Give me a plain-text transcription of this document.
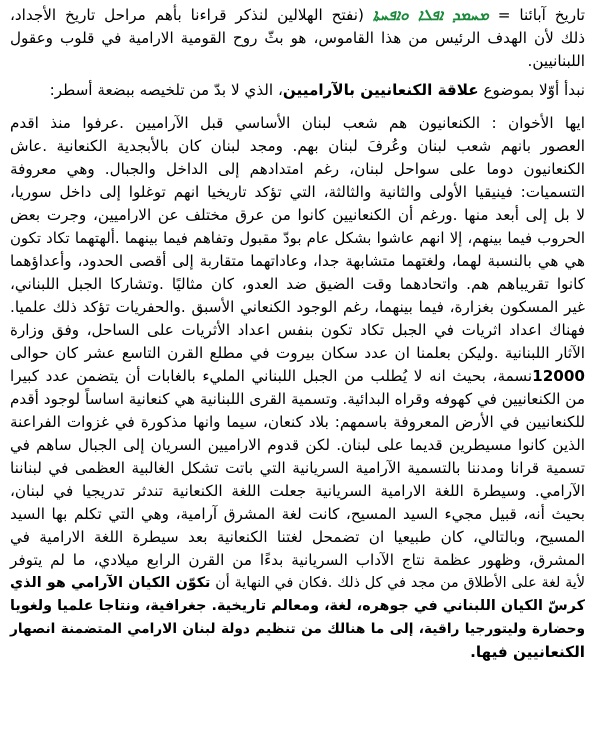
تاريخ آبائنا = ܡܚܡܕ ܐܦܠܐ ܘܐܦܚܬܐ (نفتح الهلالين لنذكر قراءنا بأهم مراحل تاريخ الأجداد،
ذلك لأن الهدف الرئيس من هذا القاموس، هو بثّ روح القومية الارامية في قلوب وعقول
اللبنانيين.
نبدأ أوّلا بموضوع علاقة الكنعانيين بالآراميين، الذي لا بدّ من تلخيصه ببضعة أسطر:
ايها الأخوان : الكنعانيون هم شعب لبنان الأساسي قبل الآراميين .عرفوا منذ اقدم
العصور بانهم شعب لبنان وعُرفَ لبنان بهم. ومجد لبنان كان بالأبجدية الكنعانية .عاش
الكنعانيون دوما على سواحل لبنان، رغم امتدادهم إلى الداخل والجبال. وهي معروفة
التسميات: فينيقيا الأولى والثانية والثالثة، التي تؤكد تاريخيا انهم توغلوا إلى داخل سوريا،
لا بل إلى أبعد منها .ورغم أن الكنعانيين كانوا من عرق مختلف عن الاراميين، وجرت بعض
الحروب فيما بينهم، إلا انهم عاشوا بشكل عام بودّ مقبول وتفاهم فيما بينهما .ألهتهما تكاد تكون
هي هي بالنسبة لهما، ولغتهما متشابهة جدا، وعاداتهما متقاربة إلى أقصى الحدود، وأعداؤهما
كانوا تقريباهم هم. واتحادهما وقت الضيق ضد العدو، كان مثاليًا .وتشاركا الجبل اللبناني،
غير المسكون بغزارة، فيما بينهما، رغم الوجود الكنعاني الأسبق .والحفريات تؤكد ذلك علميا.
فهناك اعداد اثريات في الجبل تكاد تكون بنفس اعداد الأثريات على الساحل، وفق وزارة
الآثار اللبنانية .وليكن بعلمنا ان عدد سكان بيروت في مطلع القرن التاسع عشر كان حوالى
12000نسمة، بحيث انه لا يُطلب من الجبل اللبناني المليء بالغابات أن يتضمن عدد كبيرا
من الكنعانيين في كهوفه وقراه البدائية. وتسمية القرى اللبنانية هي كنعانية اساساً لوجود أقدم
للكنعانيين في الأرض المعروفة باسمهم: بلاد كنعان، سيما وانها مذكورة في غزوات الفراعنة
الذين كانوا مسيطرين قديما على لبنان. لكن قدوم الاراميين السريان إلى الجبال ساهم في
تسمية قرانا ومدننا بالتسمية الآرامية السريانية التي باتت تشكل الغالبية العظمى في لبناننا
الآرامي. وسيطرة اللغة الارامية السريانية جعلت اللغة الكنعانية تندثر تدريجيا في لبنان،
بحيث أنه، قبيل مجيء السيد المسيح، كانت لغة المشرق آرامية، وهي التي تكلم بها السيد
المسيح، وبالتالي، كان طبيعيا ان تضمحل لغتنا الكنعانية بعد سيطرة اللغة الارامية في
المشرق، وظهور عظمة نتاج الآداب السريانية بدءًا من القرن الرابع ميلادي، ما لم يتوفر
لأية لغة على الأطلاق من مجد في كل ذلك .فكان في النهاية أن تكوّن الكيان الآرامي هو الذي
كرسّ الكيان اللبناني في جوهره، لغة، ومعالم تاريخية. جغرافية، ونتاجا علميا ولغويا
وحضارة وليتورجيا راقية، إلى ما هنالك من تنظيم دولة لبنان الارامي المتضمنة انصهار
الكنعانيين فيها.
